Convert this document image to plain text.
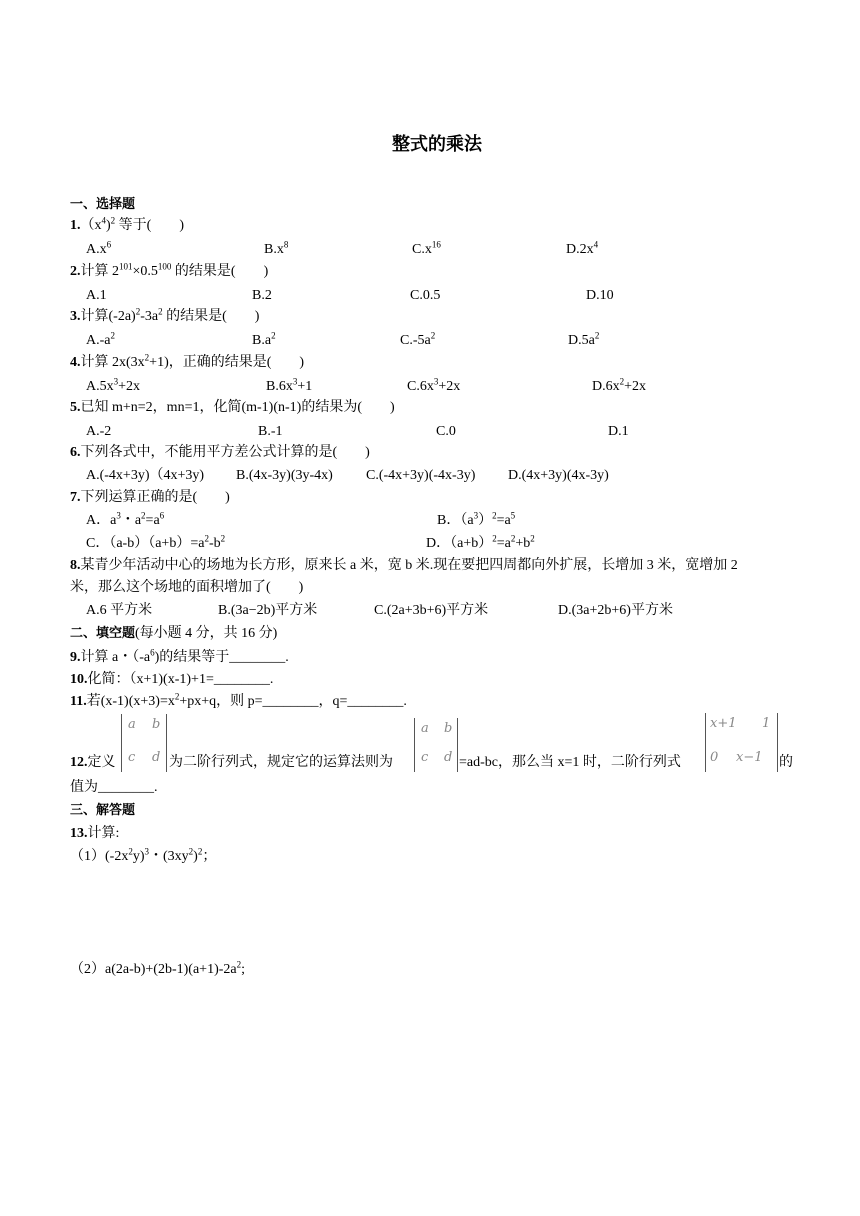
整式的乘法
一、选择题
$1.(x^4)^2$ 等于(　　)
$A.x^6$	$B.x^8$	$C.x^{16}$	$D.2x^4$
2.计算 $2^{101}\times 0.5^{100}$ 的结果是(　　)
A.1	B.2	C.0.5	D.10
3.计算$(-2a)^2-3a^2$ 的结果是(　　)
$A.-a^2$	$B.a^2$	$C.-5a^2$	$D.5a^2$
4.计算 $2x(3x^2+1)$，正确的结果是(　　)
$A.5x^3+2x$	$B.6x^3+1$	$C.6x^3+2x$	$D.6x^2+2x$
5.已知 m+n=2，mn=1，化简(m-1)(n-1)的结果为(　　)
A.-2	B.-1	C.0	D.1
6.下列各式中，不能用平方差公式计算的是(　　)
A.(-4x+3y)（4x+3y) B.(4x-3y)(3y-4x) C.(-4x+3y)(-4x-3y) D.(4x+3y)(4x-3y)
7.下列运算正确的是(　　)
A．$a^3$・$a^2=a^6$	B．$(a^3)^2=a^5$
C．$(a-b)(a+b)=a^2-b^2$	D．$(a+b)^2=a^2+b^2$
8.某青少年活动中心的场地为长方形，原来长 a 米，宽 b 米.现在要把四周都向外扩展，长增加 3 米，宽增加 2
米，那么这个场地的面积增加了(　　)
A.6 平方米	B.(3a−2b)平方米	C.(2a+3b+6)平方米	D.(3a+2b+6)平方米
二、填空题(每小题 4 分，共 16 分)
9.计算 a・$(-a^6)$的结果等于________.
10.化简：（x+1)(x-1)+1=________.
11.若$(x-1)(x+3)=x^2+px+q$，则 p=________，q=________.
12.定义
a b
c d 为二阶行列式，规定它的运算法则为
a b
c d =ad-bc，那么当 x=1 时，二阶行列式
x+1 1
0 x−1 的
值为________.
三、解答题
13.计算:
$(1)(-2x^2y)^3$・$(3xy^2)^2$；
$(2)a(2a-b)+(2b-1)(a+1)-2a^2$;
